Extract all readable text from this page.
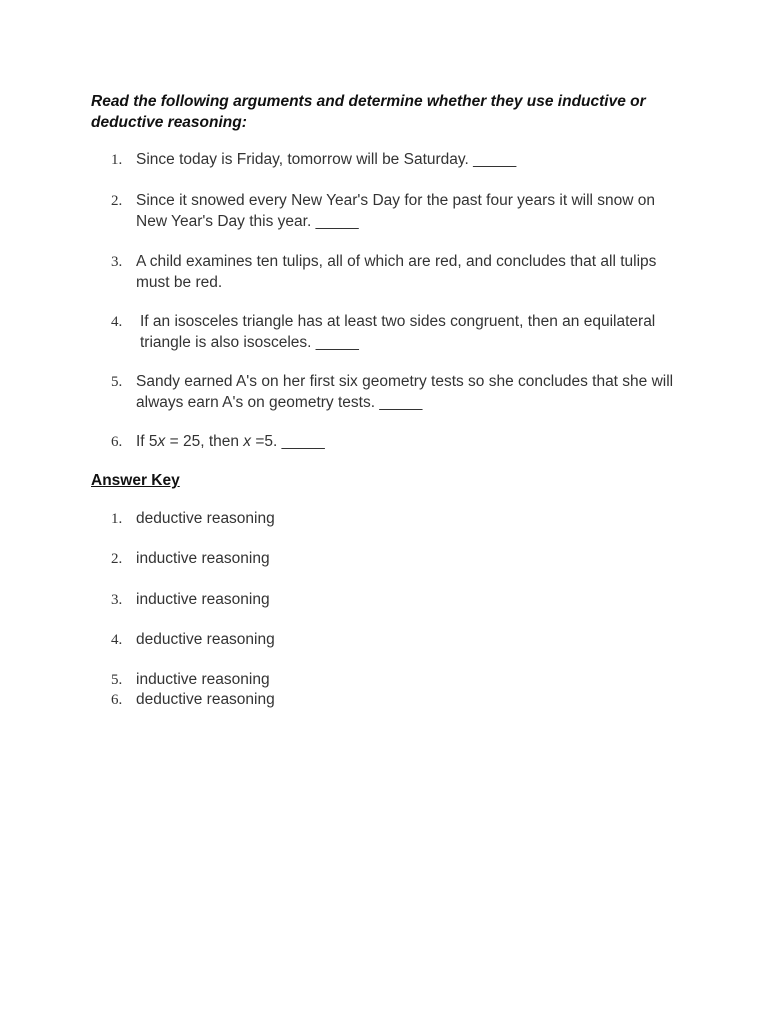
Read the following arguments and determine whether they use inductive or deductive reasoning:

1. Since today is Friday, tomorrow will be Saturday. _____
2. Since it snowed every New Year's Day for the past four years it will snow on New Year's Day this year. _____
3. A child examines ten tulips, all of which are red, and concludes that all tulips must be red.
4.	If an isosceles triangle has at least two sides congruent, then an equilateral triangle is also isosceles. _____
5. Sandy earned A's on her first six geometry tests so she concludes that she will always earn A's on geometry tests. _____
6. If 5x = 25, then x =5. _____
Answer Key
1. deductive reasoning
2. inductive reasoning
3. inductive reasoning
4. deductive reasoning
5. inductive reasoning
6. deductive reasoning
